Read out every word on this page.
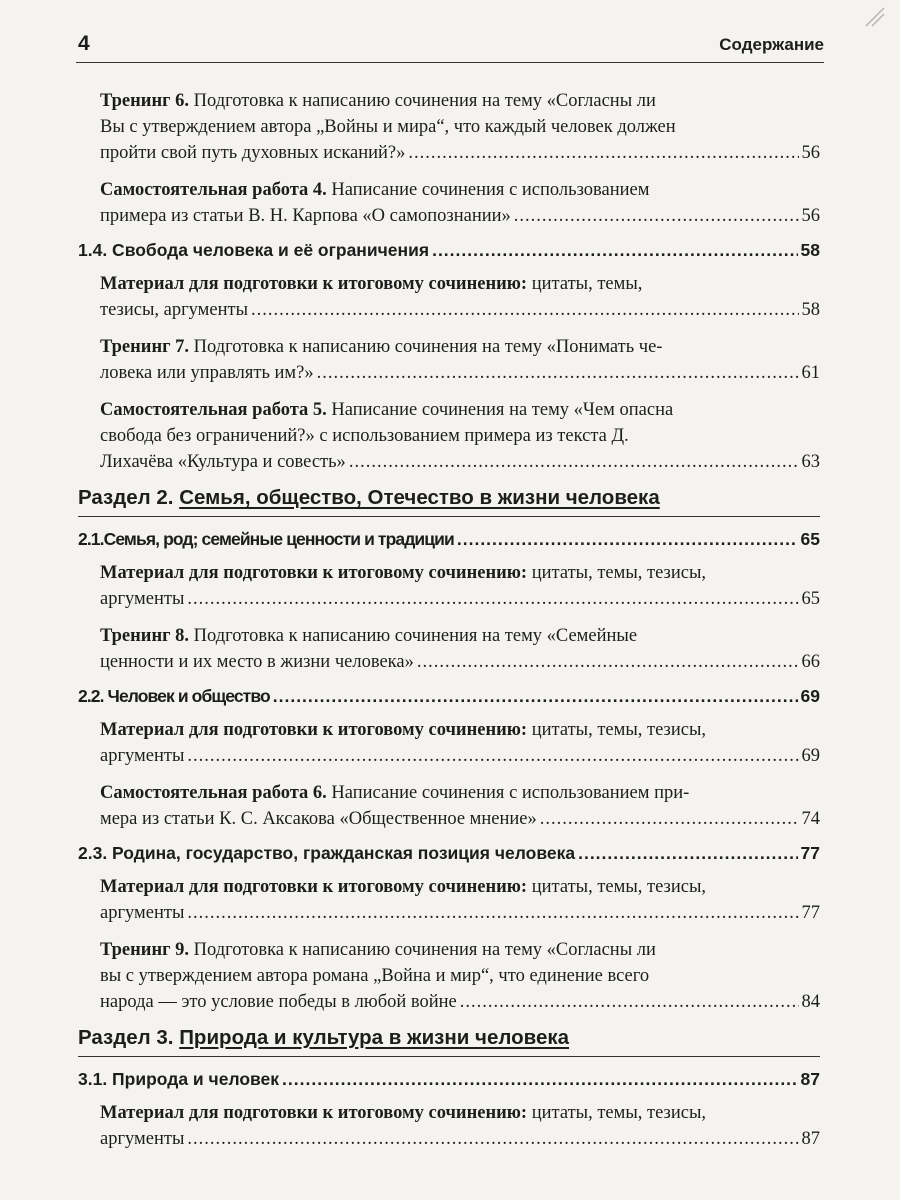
4	Содержание
Тренинг 6. Подготовка к написанию сочинения на тему «Согласны ли
Вы с утверждением автора „Войны и мира“, что каждый человек должен
пройти свой путь духовных исканий?» .....	56
Самостоятельная работа 4. Написание сочинения с использованием
примера из статьи В. Н. Карпова «О самопознании» .....	56
1.4. Свобода человека и её ограничения .....	58
Материал для подготовки к итоговому сочинению: цитаты, темы,
тезисы, аргументы .....	58
Тренинг 7. Подготовка к написанию сочинения на тему «Понимать че-
ловека или управлять им?» .....	61
Самостоятельная работа 5. Написание сочинения на тему «Чем опасна
свобода без ограничений?» с использованием примера из текста Д.
Лихачёва «Культура и совесть» .....	63
Раздел 2. Семья, общество, Отечество в жизни человека
2.1.Семья, род; семейные ценности и традиции .....	65
Материал для подготовки к итоговому сочинению: цитаты, темы, тезисы,
аргументы .....	65
Тренинг 8. Подготовка к написанию сочинения на тему «Семейные
ценности и их место в жизни человека» .....	66
2.2. Человек и общество .....	69
Материал для подготовки к итоговому сочинению: цитаты, темы, тезисы,
аргументы .....	69
Самостоятельная работа 6. Написание сочинения с использованием при-
мера из статьи К. С. Аксакова «Общественное мнение» .....	74
2.3. Родина, государство, гражданская позиция человека .....	77
Материал для подготовки к итоговому сочинению: цитаты, темы, тезисы,
аргументы .....	77
Тренинг 9. Подготовка к написанию сочинения на тему «Согласны ли
вы с утверждением автора романа „Война и мир“, что единение всего
народа — это условие победы в любой войне .....	84
Раздел 3. Природа и культура в жизни человека
3.1. Природа и человек .....	87
Материал для подготовки к итоговому сочинению: цитаты, темы, тезисы,
аргументы .....	87
